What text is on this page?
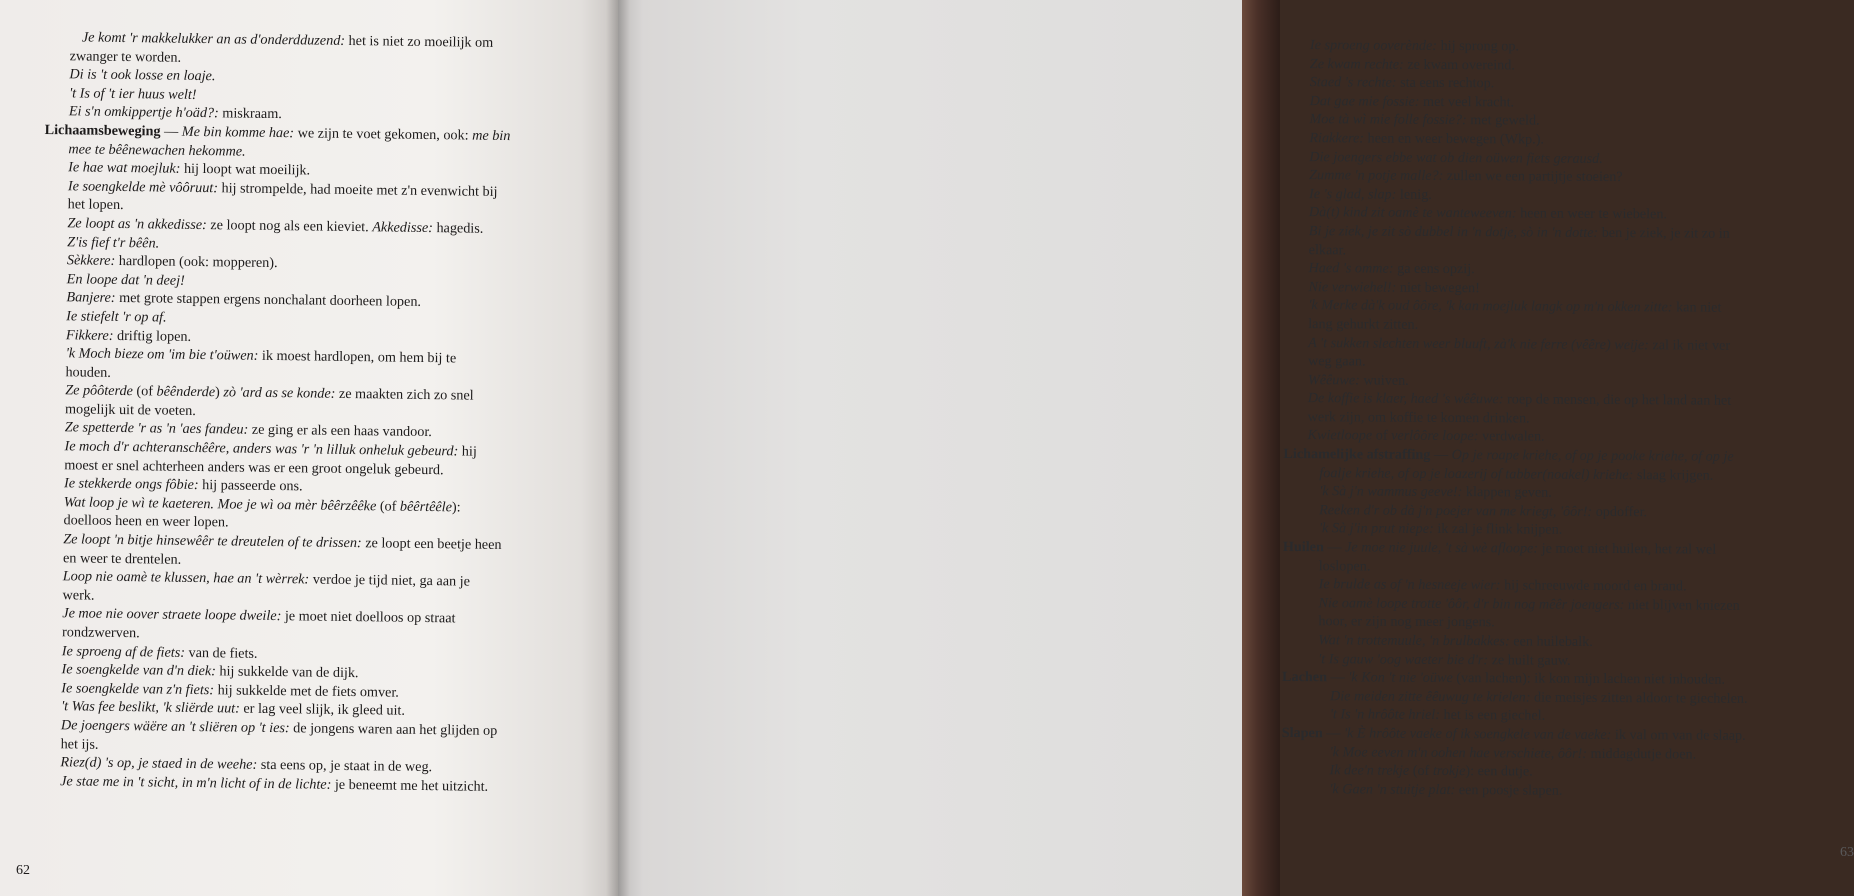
Je komt 'r makkelukker an as d'onderdduzend: het is niet zo moeilijk om
zwanger te worden.
Di is 't ook losse en loaje.
't Is of 't ier huus welt!
Ei s'n omkippertje h'oäd?: miskraam.
Lichaamsbeweging — Me bin komme hae: we zijn te voet gekomen, ook: me bin
mee te bêênewachen hekomme.
Ie hae wat moejluk: hij loopt wat moeilijk.
Ie soengkelde mè vôôruut: hij strompelde, had moeite met z'n evenwicht bij
het lopen.
Ze loopt as 'n akkedisse: ze loopt nog als een kieviet. Akkedisse: hagedis.
Z'is fief t'r bêên.
Sèkkere: hardlopen (ook: mopperen).
En loope dat 'n deej!
Banjere: met grote stappen ergens nonchalant doorheen lopen.
Ie stiefelt 'r op af.
Fikkere: driftig lopen.
'k Moch bieze om 'im bie t'oüwen: ik moest hardlopen, om hem bij te
houden.
Ze pôôterde (of bêênderde) zò 'ard as se konde: ze maakten zich zo snel
mogelijk uit de voeten.
Ze spetterde 'r as 'n 'aes fandeu: ze ging er als een haas vandoor.
Ie moch d'r achteranschêêre, anders was 'r 'n lilluk onheluk gebeurd: hij
moest er snel achterheen anders was er een groot ongeluk gebeurd.
Ie stekkerde ongs fôbie: hij passeerde ons.
Wat loop je wì te kaeteren. Moe je wì oa mèr bêêrzêêke (of bêêrtêêle):
doelloos heen en weer lopen.
Ze loopt 'n bitje hinsewêêr te dreutelen of te drissen: ze loopt een beetje heen
en weer te drentelen.
Loop nie oamè te klussen, hae an 't wèrrek: verdoe je tijd niet, ga aan je
werk.
Je moe nie oover straete loope dweile: je moet niet doelloos op straat
rondzwerven.
Ie sproeng af de fiets: van de fiets.
Ie soengkelde van d'n diek: hij sukkelde van de dijk.
Ie soengkelde van z'n fiets: hij sukkelde met de fiets omver.
't Was fee beslikt, 'k sliërde uut: er lag veel slijk, ik gleed uit.
De joengers wäëre an 't sliëren op 't ies: de jongens waren aan het glijden op
het ijs.
Riez(d) 's op, je staed in de weehe: sta eens op, je staat in de weg.
Je stae me in 't sicht, in m'n licht of in de lichte: je beneemt me het uitzicht.
62
Ie sproeng ooverènde: hij sprong op.
Ze kwam rechte: ze kwam overeind.
Staed 's rechte: sta eens rechtop.
Dat gae mie fossie: met veel kracht.
Moe tà wì mie folle fossie?: met geweld.
Riakkere: heen en weer bewegen (Wkp.).
Die joengers ebbe wat ob dien oüwen fiets gerausd.
Zumme 'n potje malle?: zullen we een partijtje stoeien?
Ie 's glad, slap: lenig.
Dà(t) kind zit oamè te wanteweeven: heen en weer te wiebelen.
Bi je ziek, je zit sò dubbel in 'n dotje, sò in 'n dotte: ben je ziek, je zit zo in
elkaar.
Haed 's omme: ga eens opzij.
Nie verwiehel!: niet bewegen!
'k Merke dà'k oud ôôre, 'k kan moejluk langk op m'n okken zitte: kan niet
lang gehurkt zitten.
A 't sukken slechten weer bluuft, zà'k nie ferre (vêêre) weije: zal ik niet ver
weg gaan.
Wêêuwe: wuiven.
De koffie is klaer, haed 's wêêuwe: roep de mensen, die op het land aan het
werk zijn, om koffie te komen drinken.
Kwietloope of verlôôre loope: verdwalen.
Lichamelijke afstraffing — Op je roape kriehe, of op je pooke kriehe, of op je
foalje kriehe, of op je loazerij of tabber(noakel) kriehe: slaag krijgen.
'k Sà j'n wammus geeve!: klappen geven.
Reeken d'r ob dà j'n poejer van me kriegt, 'ôôr!: opdoffer.
'k Sà j'in prut niepe: ik zal je flink knijpen.
Huilen — Je moe nie juule, 't sà wè afloope: je moet niet huilen, het zal wel
loslopen.
Ie brulde as of 'n hesneeje wier: hij schreeuwde moord en brand.
Nie oamè loope trotte 'ôôr, d'r bin nog mêêr joengers: niet blijven kniezen
hoor, er zijn nog meer jongens.
Wat 'n trottemuule, 'n brulbakkes: een huilebalk.
't Is gauw 'oog waeter bie d'r: ze huilt gauw.
Lachen — 'k Kon 't nie 'oüwe (van lachen): ik kon mijn lachen niet inhouden.
Die meiden zitte êêuwug te krielen: die meisjes zitten aldoor te giechelen.
't Is 'n hrôôte hriel: het is een giechel.
Slapen — 'k È hrôôte vaeke of ik soengkele van de vaeke: ik val om van de slaap.
'k Moe eeven m'n oohen hae verschiete, ôôr!: middagdutje doen.
Ik dee'n trekje (of trokje): een dutje.
'k Gaen 'n stuitje plat: een poosje slapen.
63
